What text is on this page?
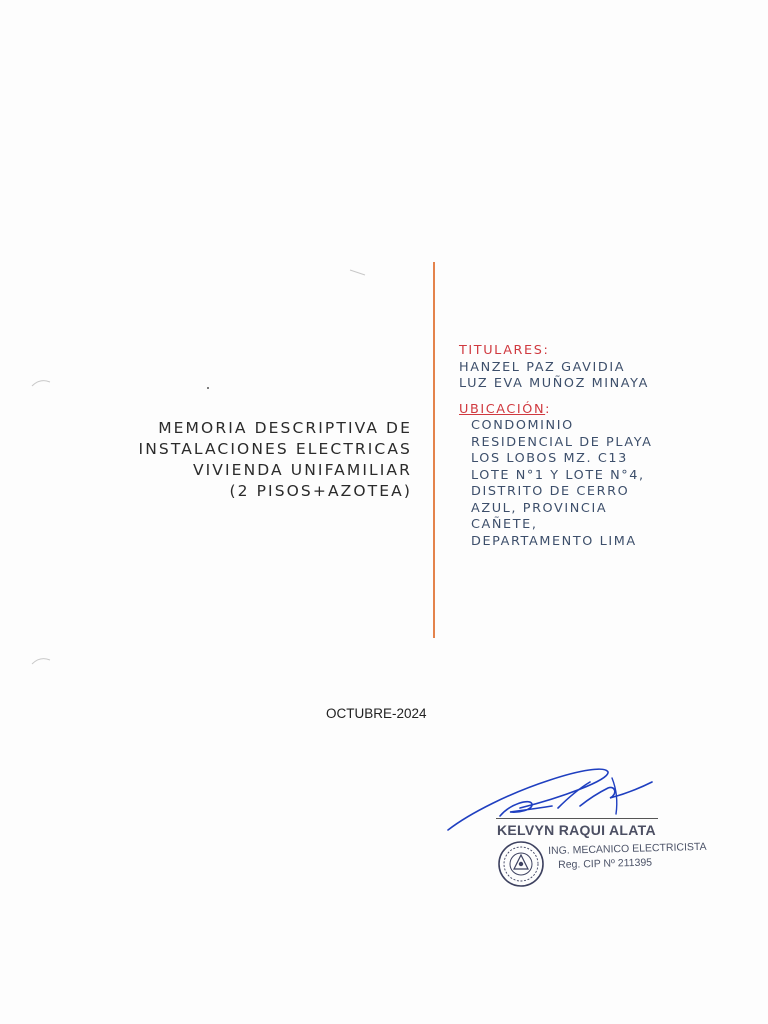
MEMORIA DESCRIPTIVA DE
INSTALACIONES ELECTRICAS
VIVIENDA UNIFAMILIAR
(2 PISOS+AZOTEA)
TITULARES:
HANZEL PAZ GAVIDIA
LUZ EVA MUÑOZ MINAYA
UBICACIÓN:
CONDOMINIO
RESIDENCIAL DE PLAYA
LOS LOBOS MZ. C13
LOTE N°1 Y LOTE N°4,
DISTRITO DE CERRO
AZUL, PROVINCIA
CAÑETE,
DEPARTAMENTO LIMA
OCTUBRE-2024
KELVYN RAQUI ALATA
ING. MECANICO ELECTRICISTA
Reg. CIP Nº 211395
